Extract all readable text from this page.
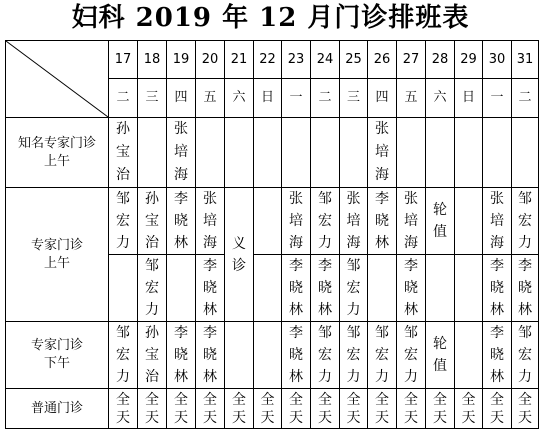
妇科 2019 年 12 月门诊排班表
	17	18	19	20	21	22	23	24	25	26	27	28	29	30	31
	二	三	四	五	六	日	一	二	三	四	五	六	日	一	二
知名专家门诊上午	孙宝治		张培海							张培海					
专家门诊上午	邹宏力	孙宝治	李晓林	张培海	义诊		张培海	邹宏力	张培海	李晓林	张培海	轮值		张培海	邹宏力
		邹宏力		李晓林			李晓林	李晓林	邹宏力		李晓林			李晓林	李晓林
专家门诊下午	邹宏力	孙宝治	李晓林	李晓林			李晓林	邹宏力	邹宏力	邹宏力	邹宏力	轮值		李晓林	邹宏力
普通门诊	全天	全天	全天	全天	全天	全天	全天	全天	全天	全天	全天	全天	全天	全天	全天
